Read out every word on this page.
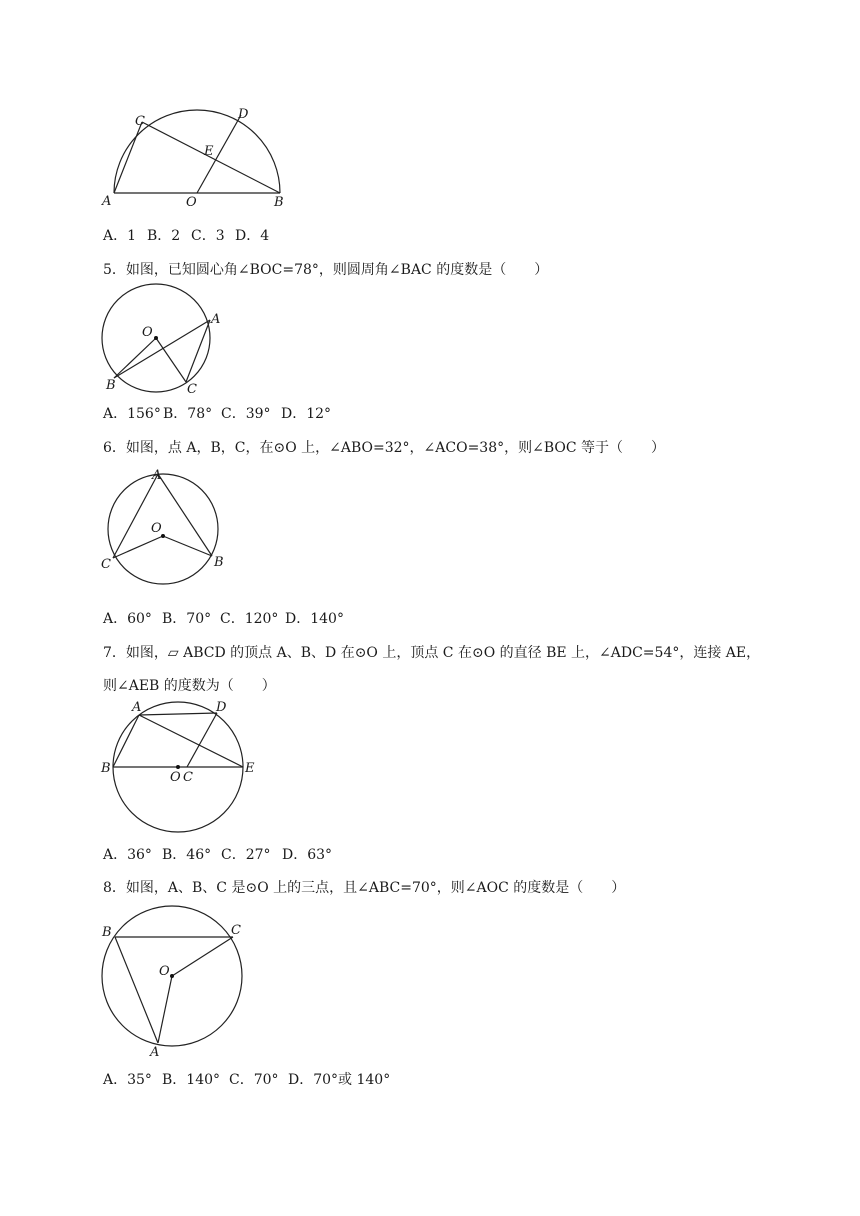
C	D
E
A	O	B
A．1 B．2 C．3 D．4
5．如图，已知圆心角∠BOC=78°，则圆周角∠BAC 的度数是（　　）
O
A
B	C
A．156° B．78° C．39° D．12°
6．如图，点 A，B，C，在⊙O 上，∠ABO=32°，∠ACO=38°，则∠BOC 等于（　　）
A
O
C	B
A．60° B．70° C．120° D．140°
7．如图，▱ ABCD 的顶点 A、B、D 在⊙O 上，顶点 C 在⊙O 的直径 BE 上，∠ADC=54°，连接 AE，
则∠AEB 的度数为（　　）
A	D
B
O C
E
A．36° B．46° C．27° D．63°
8．如图，A、B、C 是⊙O 上的三点，且∠ABC=70°，则∠AOC 的度数是（　　）
B	C
O
A
A．35° B．140° C．70° D．70°或 140°
